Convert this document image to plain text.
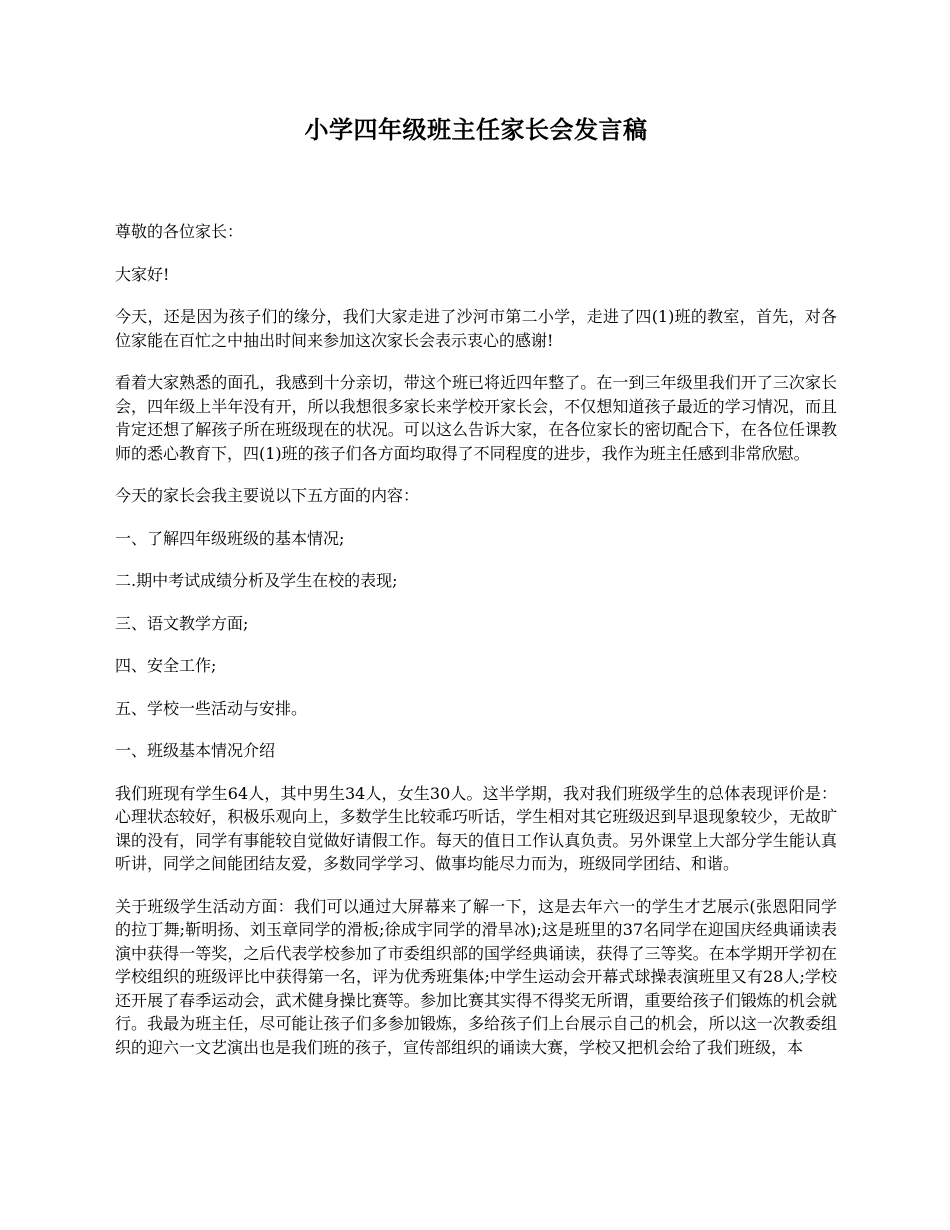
小学四年级班主任家长会发言稿

尊敬的各位家长：

大家好!

今天，还是因为孩子们的缘分，我们大家走进了沙河市第二小学，走进了四(1)班的教室，首先，对各位家能在百忙之中抽出时间来参加这次家长会表示衷心的感谢!

看着大家熟悉的面孔，我感到十分亲切，带这个班已将近四年整了。在一到三年级里我们开了三次家长会，四年级上半年没有开，所以我想很多家长来学校开家长会，不仅想知道孩子最近的学习情况，而且肯定还想了解孩子所在班级现在的状况。可以这么告诉大家，在各位家长的密切配合下，在各位任课教师的悉心教育下，四(1)班的孩子们各方面均取得了不同程度的进步，我作为班主任感到非常欣慰。

今天的家长会我主要说以下五方面的内容：

一、了解四年级班级的基本情况;

二.期中考试成绩分析及学生在校的表现;

三、语文教学方面;

四、安全工作;

五、学校一些活动与安排。

一、班级基本情况介绍

我们班现有学生64人，其中男生34人，女生30人。这半学期，我对我们班级学生的总体表现评价是：心理状态较好，积极乐观向上，多数学生比较乖巧听话，学生相对其它班级迟到早退现象较少，无故旷课的没有，同学有事能较自觉做好请假工作。每天的值日工作认真负责。另外课堂上大部分学生能认真听讲，同学之间能团结友爱，多数同学学习、做事均能尽力而为，班级同学团结、和谐。

关于班级学生活动方面：我们可以通过大屏幕来了解一下，这是去年六一的学生才艺展示(张恩阳同学的拉丁舞;靳明扬、刘玉章同学的滑板;徐成宇同学的滑旱冰);这是班里的37名同学在迎国庆经典诵读表演中获得一等奖，之后代表学校参加了市委组织部的国学经典诵读，获得了三等奖。在本学期开学初在学校组织的班级评比中获得第一名，评为优秀班集体;中学生运动会开幕式球操表演班里又有28人;学校还开展了春季运动会，武术健身操比赛等。参加比赛其实得不得奖无所谓，重要给孩子们锻炼的机会就行。我最为班主任，尽可能让孩子们多参加锻炼，多给孩子们上台展示自己的机会，所以这一次教委组织的迎六一文艺演出也是我们班的孩子，宣传部组织的诵读大赛，学校又把机会给了我们班级，本
